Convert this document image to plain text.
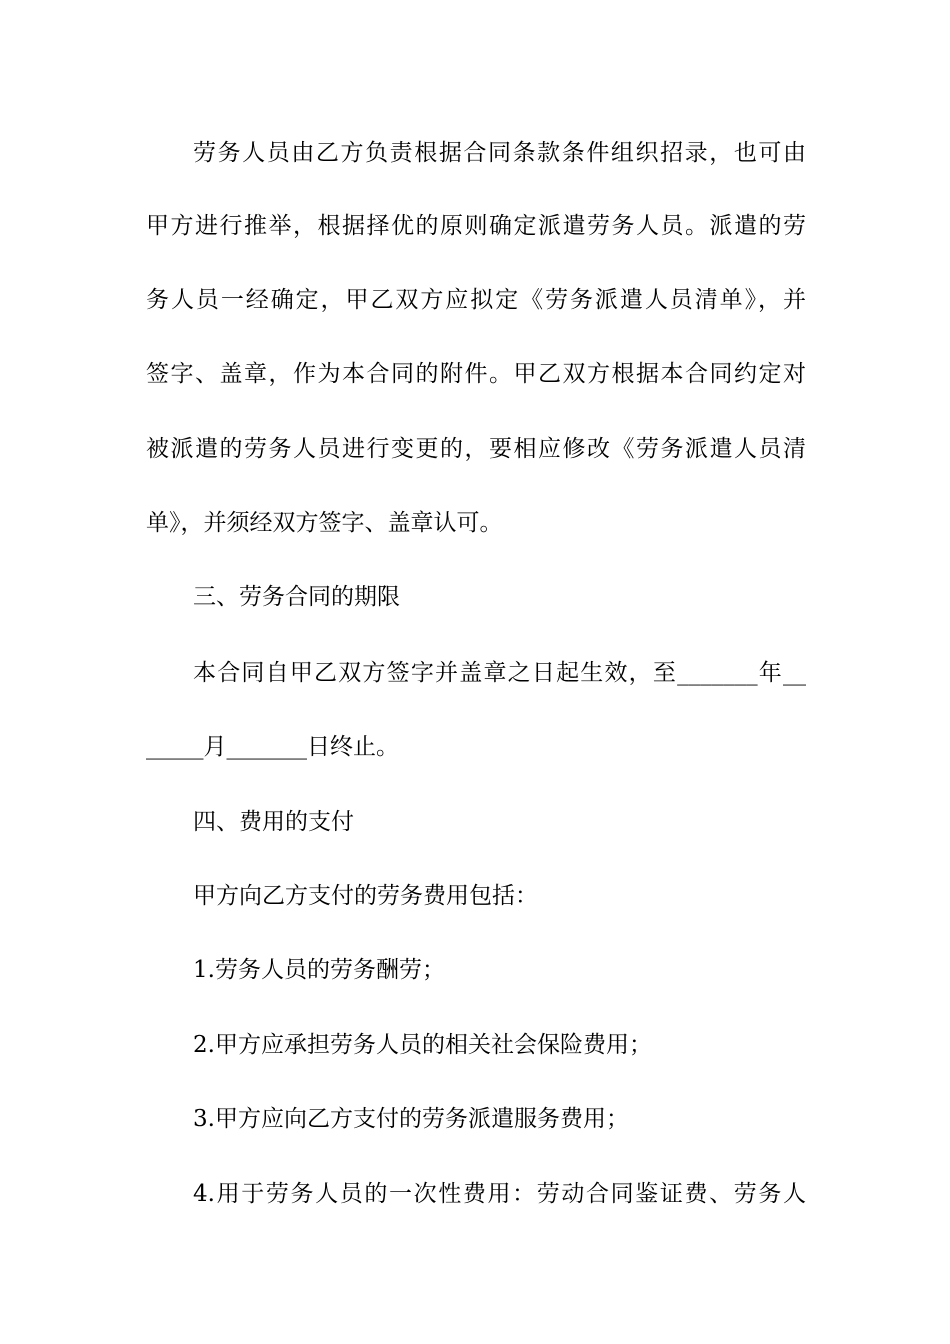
劳务人员由乙方负责根据合同条款条件组织招录，也可由
甲方进行推举，根据择优的原则确定派遣劳务人员。派遣的劳
务人员一经确定，甲乙双方应拟定《劳务派遣人员清单》，并
签字、盖章，作为本合同的附件。甲乙双方根据本合同约定对
被派遣的劳务人员进行变更的，要相应修改《劳务派遣人员清
单》，并须经双方签字、盖章认可。
三、劳务合同的期限
本合同自甲乙双方签字并盖章之日起生效，至_______年__
_____月_______日终止。
四、费用的支付
甲方向乙方支付的劳务费用包括：
1.劳务人员的劳务酬劳；
2.甲方应承担劳务人员的相关社会保险费用；
3.甲方应向乙方支付的劳务派遣服务费用；
4.用于劳务人员的一次性费用：劳动合同鉴证费、劳务人
